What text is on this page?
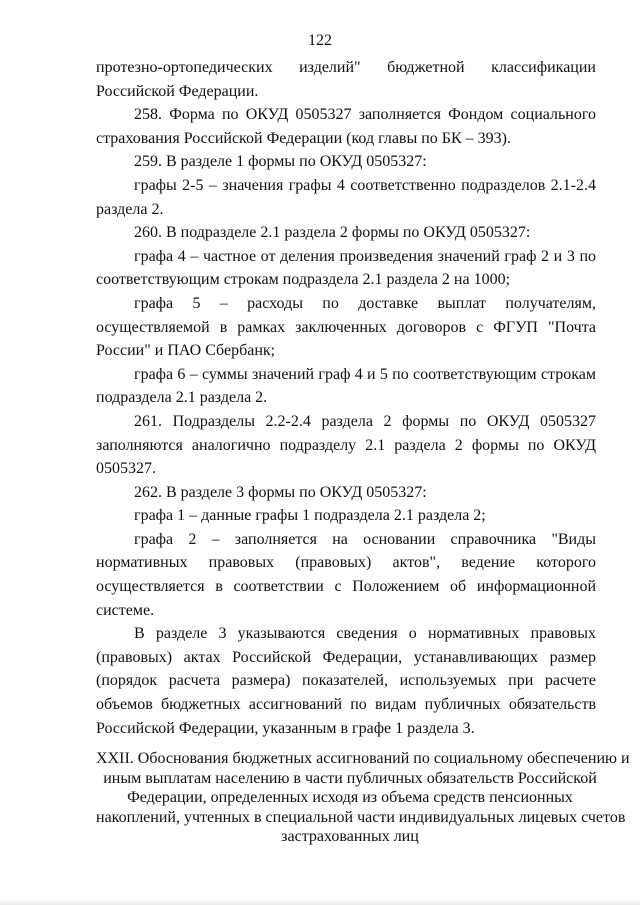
122

протезно-ортопедических изделий" бюджетной классификации Российской Федерации.

258. Форма по ОКУД 0505327 заполняется Фондом социального страхования Российской Федерации (код главы по БК – 393).

259. В разделе 1 формы по ОКУД 0505327:

графы 2-5 – значения графы 4 соответственно подразделов 2.1-2.4 раздела 2.

260. В подразделе 2.1 раздела 2 формы по ОКУД 0505327:

графа 4 – частное от деления произведения значений граф 2 и 3 по соответствующим строкам подраздела 2.1 раздела 2 на 1000;

графа 5 – расходы по доставке выплат получателям, осуществляемой в рамках заключенных договоров с ФГУП "Почта России" и ПАО Сбербанк;

графа 6 – суммы значений граф 4 и 5 по соответствующим строкам подраздела 2.1 раздела 2.

261. Подразделы 2.2-2.4 раздела 2 формы по ОКУД 0505327 заполняются аналогично подразделу 2.1 раздела 2 формы по ОКУД 0505327.

262. В разделе 3 формы по ОКУД 0505327:

графа 1 – данные графы 1 подраздела 2.1 раздела 2;

графа 2 – заполняется на основании справочника "Виды нормативных правовых (правовых) актов", ведение которого осуществляется в соответствии с Положением об информационной системе.

В разделе 3 указываются сведения о нормативных правовых (правовых) актах Российской Федерации, устанавливающих размер (порядок расчета размера) показателей, используемых при расчете объемов бюджетных ассигнований по видам публичных обязательств Российской Федерации, указанным в графе 1 раздела 3.

XXII. Обоснования бюджетных ассигнований по социальному обеспечению и
иным выплатам населению в части публичных обязательств Российской
Федерации, определенных исходя из объема средств пенсионных
накоплений, учтенных в специальной части индивидуальных лицевых счетов
застрахованных лиц
